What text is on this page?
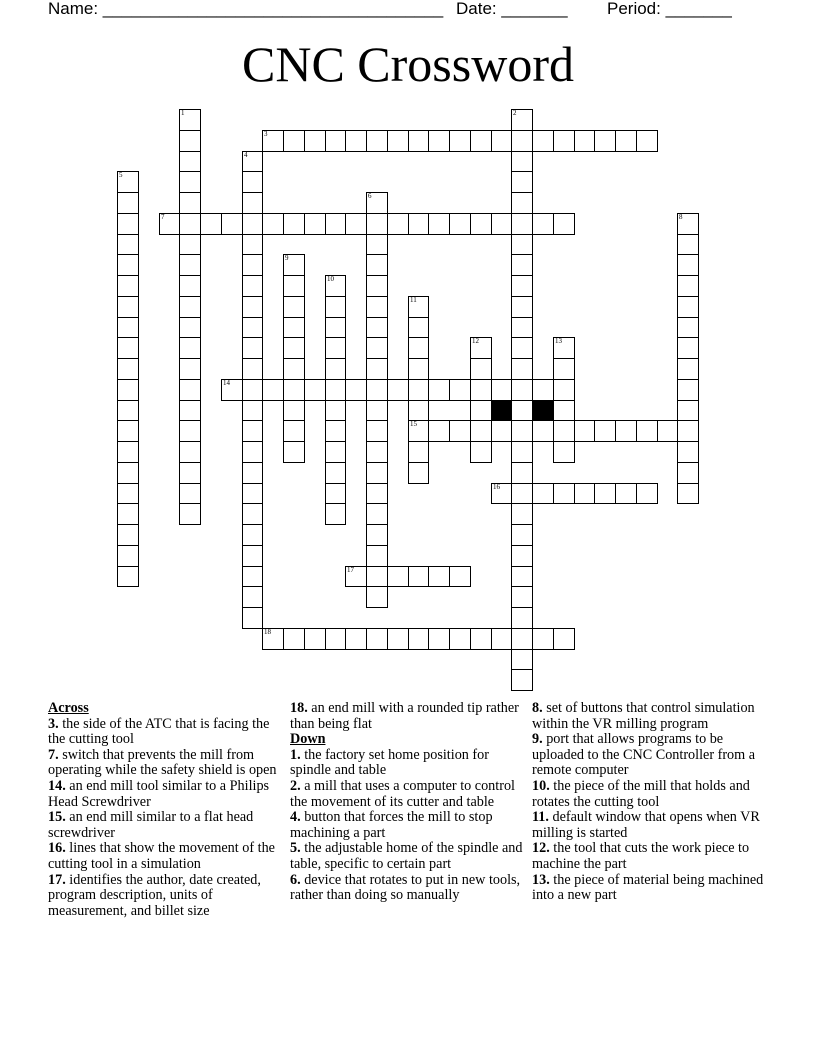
Name: ____________________________________ Date: _______ Period: _______
CNC Crossword
1	2
3
4
5
6
7	8
9
10
11
12	13
14
15
16
17
18
Across

3. the side of the ATC that is facing the the cutting tool

7. switch that prevents the mill from operating while the safety shield is open

14. an end mill tool similar to a Philips Head Screwdriver

15. an end mill similar to a flat head screwdriver

16. lines that show the movement of the cutting tool in a simulation

17. identifies the author, date created, program description, units of measurement, and billet size

18. an end mill with a rounded tip rather than being flat

Down

1. the factory set home position for spindle and table

2. a mill that uses a computer to control the movement of its cutter and table

4. button that forces the mill to stop machining a part

5. the adjustable home of the spindle and table, specific to certain part

6. device that rotates to put in new tools, rather than doing so manually

8. set of buttons that control simulation within the VR milling program

9. port that allows programs to be uploaded to the CNC Controller from a remote computer

10. the piece of the mill that holds and rotates the cutting tool

11. default window that opens when VR milling is started

12. the tool that cuts the work piece to machine the part

13. the piece of material being machined into a new part
